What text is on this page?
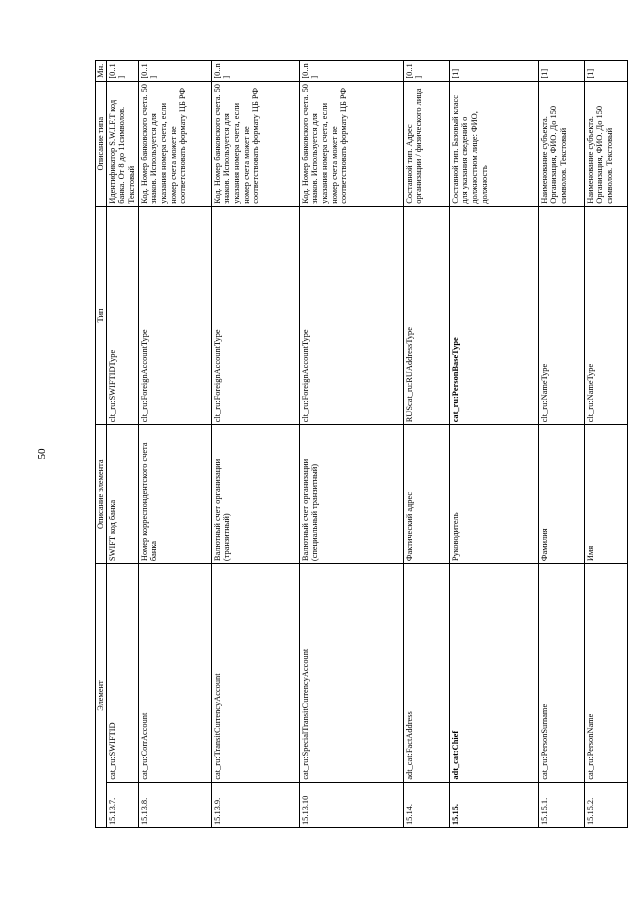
50
Элемент		Описание элемента	Тип	Описание типа	Мн.
15.13.7.	cat_ru:SWIFTID	SWIFT код банка	clt_ru:SWIFTIDType	Идентификатор S.W.I.F.T код банка. От 8 до 11символов. Текстовый	[0..1]
15.13.8.	cat_ru:CorrAccount	Номер корреспондентского счета банка	clt_ru:ForeignAccountType	Код. Номер банковского счета. 50 знаков. Используется для указания номера счета, если номер счета может не соответствовать формату ЦБ РФ	[0..1]
15.13.9.	cat_ru:TransitCurrencyAccount	Валютный счет организации (транзитный)	clt_ru:ForeignAccountType	Код. Номер банковского счета. 50 знаков. Используется для указания номера счета, если номер счета может не соответствовать формату ЦБ РФ	[0..n]
15.13.10	cat_ru:SpecialTransitCurrencyAccount	Валютный счет организации (специальный транзитный)	clt_ru:ForeignAccountType	Код. Номер банковского счета. 50 знаков. Используется для указания номера счета, если номер счета может не соответствовать формату ЦБ РФ	[0..n]
15.14.	adt_cat:FactAddress	Фактический адрес	RUScat_ru:RUAddressType	Составной тип. Адрес организации / физического лица	[0..1]
15.15.	adt_cat:Chief	Руководитель	cat_ru:PersonBaseType	Составной тип. Базовый класс для указания сведений о должностном лице: ФИО, должность	[1]
15.15.1.	cat_ru:PersonSurname	Фамилия	clt_ru:NameType	Наименование субъекта. Организация, ФИО. До 150 символов. Текстовый	[1]
15.15.2.	cat_ru:PersonName	Имя	clt_ru:NameType	Наименование субъекта. Организация, ФИО. До 150 символов. Текстовый	[1]
